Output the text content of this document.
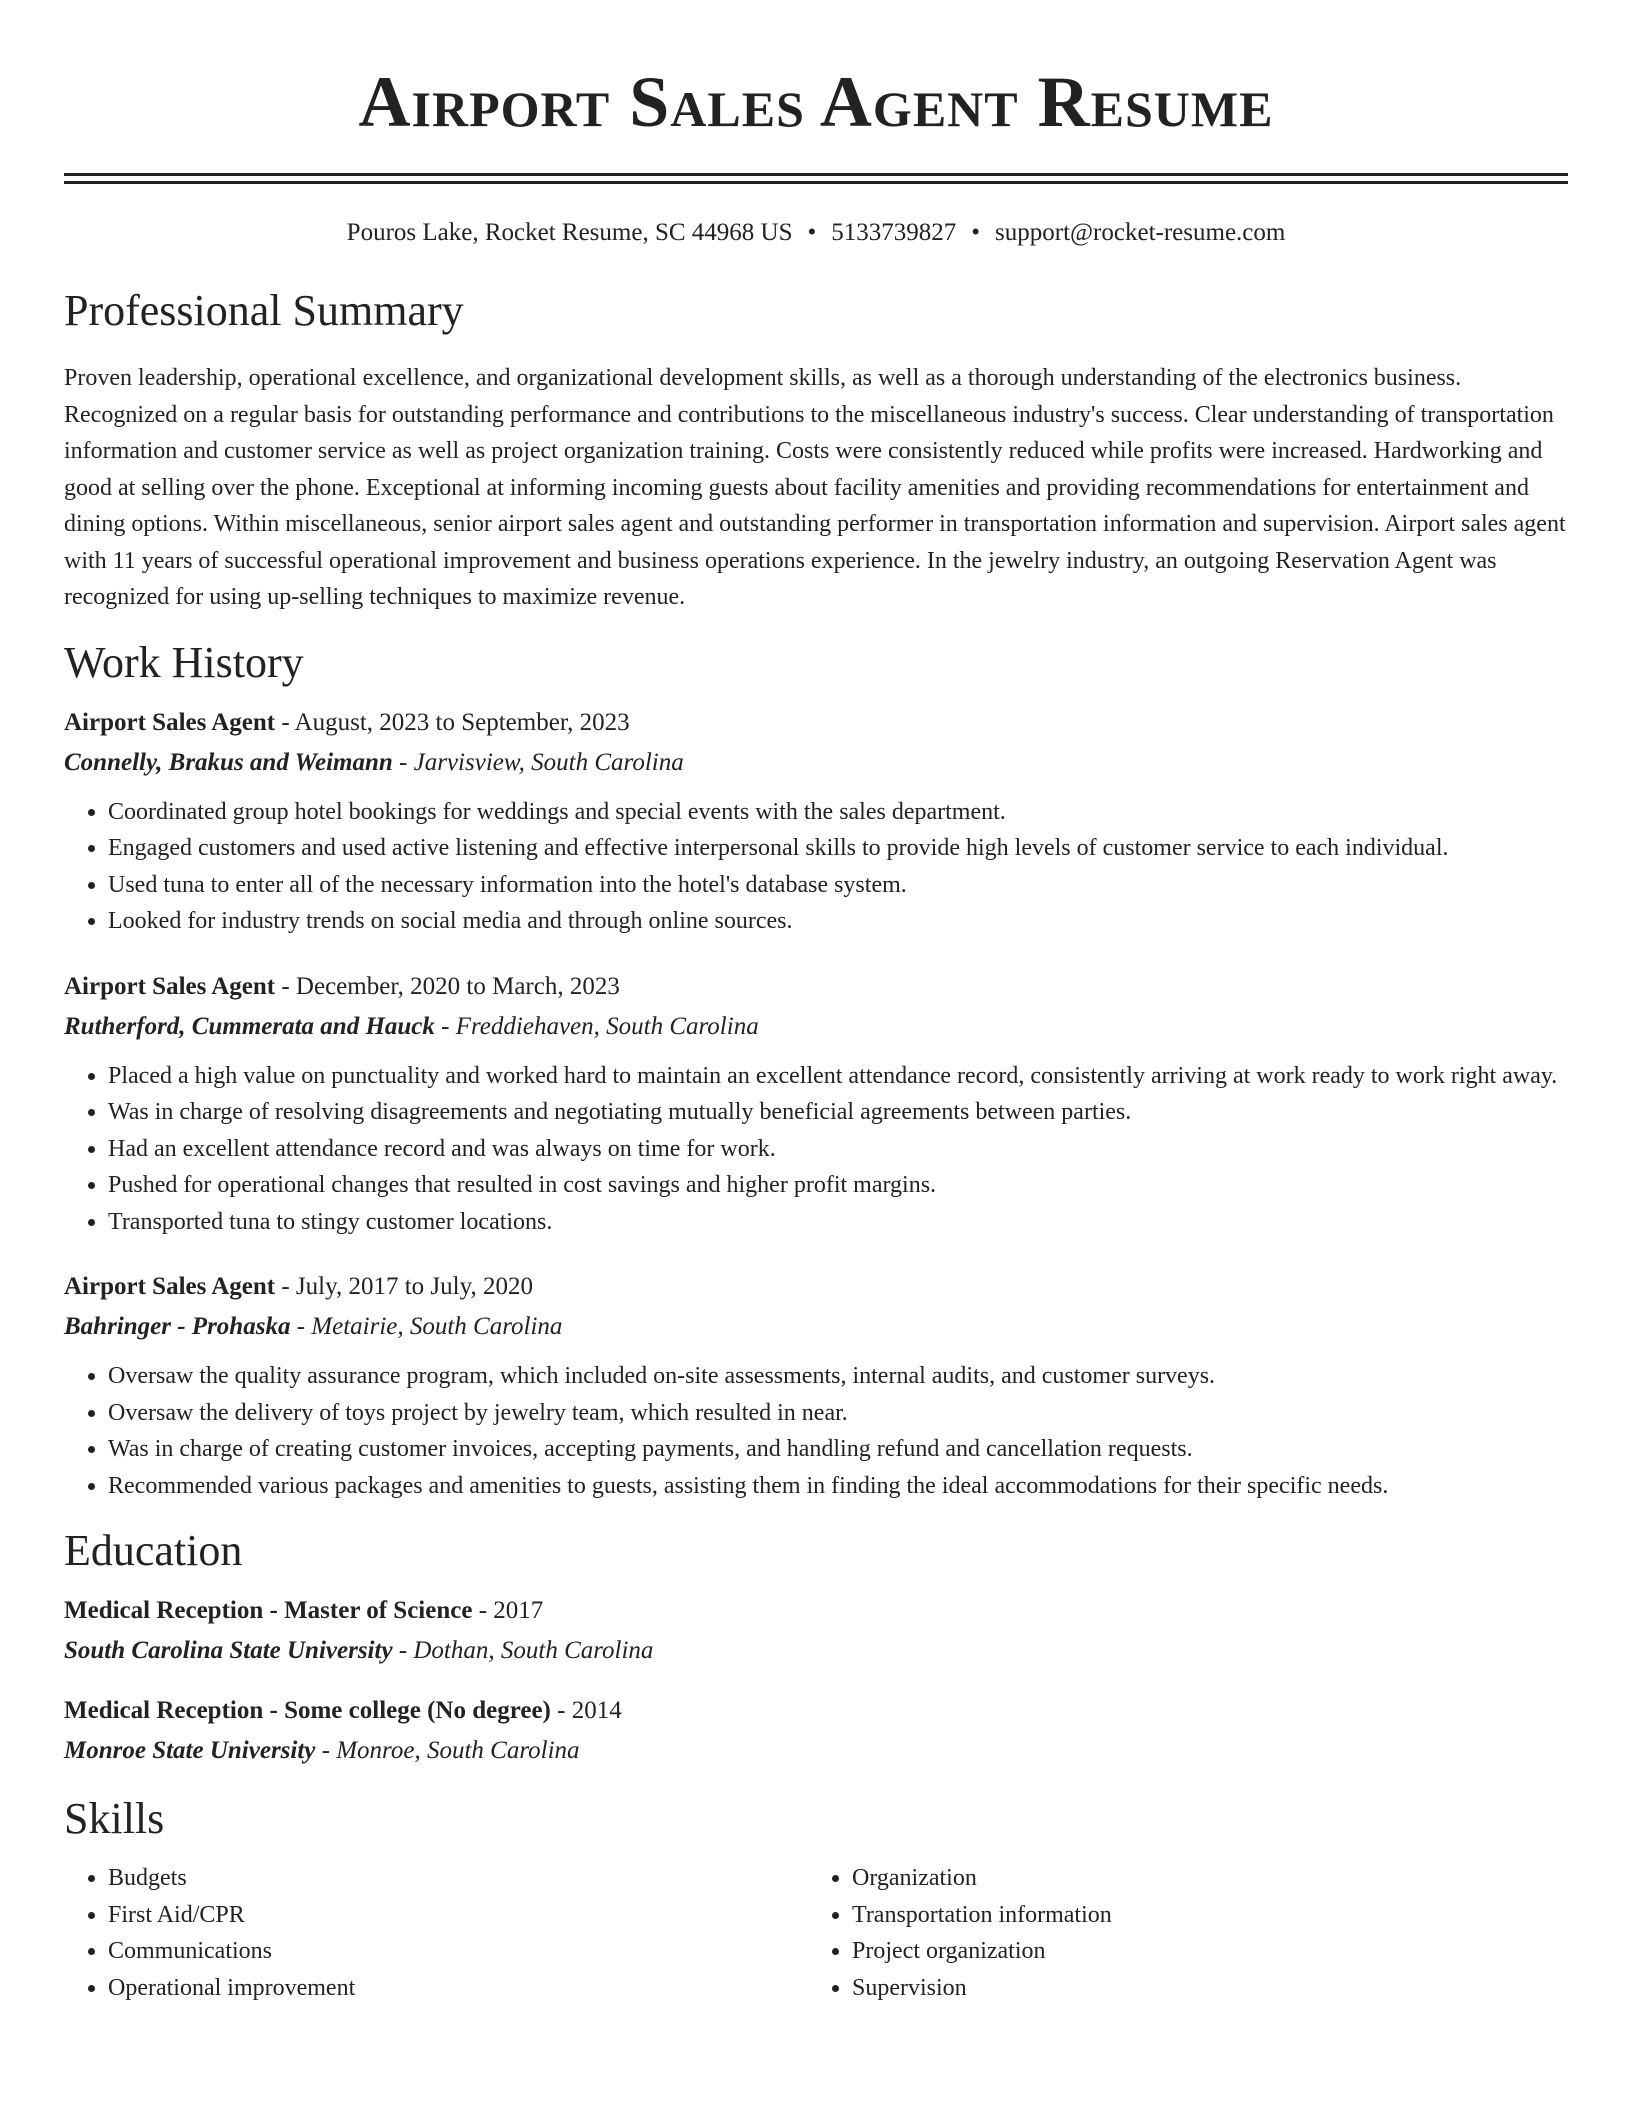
Airport Sales Agent Resume
Pouros Lake, Rocket Resume, SC 44968 US • 5133739827 • support@rocket-resume.com
Professional Summary

Proven leadership, operational excellence, and organizational development skills, as well as a thorough understanding of the electronics business. Recognized on a regular basis for outstanding performance and contributions to the miscellaneous industry's success. Clear understanding of transportation information and customer service as well as project organization training. Costs were consistently reduced while profits were increased. Hardworking and good at selling over the phone. Exceptional at informing incoming guests about facility amenities and providing recommendations for entertainment and dining options. Within miscellaneous, senior airport sales agent and outstanding performer in transportation information and supervision. Airport sales agent with 11 years of successful operational improvement and business operations experience. In the jewelry industry, an outgoing Reservation Agent was recognized for using up-selling techniques to maximize revenue.

Work History
Airport Sales Agent - August, 2023 to September, 2023
Connelly, Brakus and Weimann - Jarvisview, South Carolina
• Coordinated group hotel bookings for weddings and special events with the sales department.
• Engaged customers and used active listening and effective interpersonal skills to provide high levels of customer service to each individual.
• Used tuna to enter all of the necessary information into the hotel's database system.
• Looked for industry trends on social media and through online sources.
Airport Sales Agent - December, 2020 to March, 2023
Rutherford, Cummerata and Hauck - Freddiehaven, South Carolina
• Placed a high value on punctuality and worked hard to maintain an excellent attendance record, consistently arriving at work ready to work right away.
• Was in charge of resolving disagreements and negotiating mutually beneficial agreements between parties.
• Had an excellent attendance record and was always on time for work.
• Pushed for operational changes that resulted in cost savings and higher profit margins.
• Transported tuna to stingy customer locations.
Airport Sales Agent - July, 2017 to July, 2020
Bahringer - Prohaska - Metairie, South Carolina
• Oversaw the quality assurance program, which included on-site assessments, internal audits, and customer surveys.
• Oversaw the delivery of toys project by jewelry team, which resulted in near.
• Was in charge of creating customer invoices, accepting payments, and handling refund and cancellation requests.
• Recommended various packages and amenities to guests, assisting them in finding the ideal accommodations for their specific needs.
Education
Medical Reception - Master of Science - 2017
South Carolina State University - Dothan, South Carolina
Medical Reception - Some college (No degree) - 2014
Monroe State University - Monroe, South Carolina
Skills
• Budgets
• First Aid/CPR
• Communications
• Operational improvement
• Organization
• Transportation information
• Project organization
• Supervision
